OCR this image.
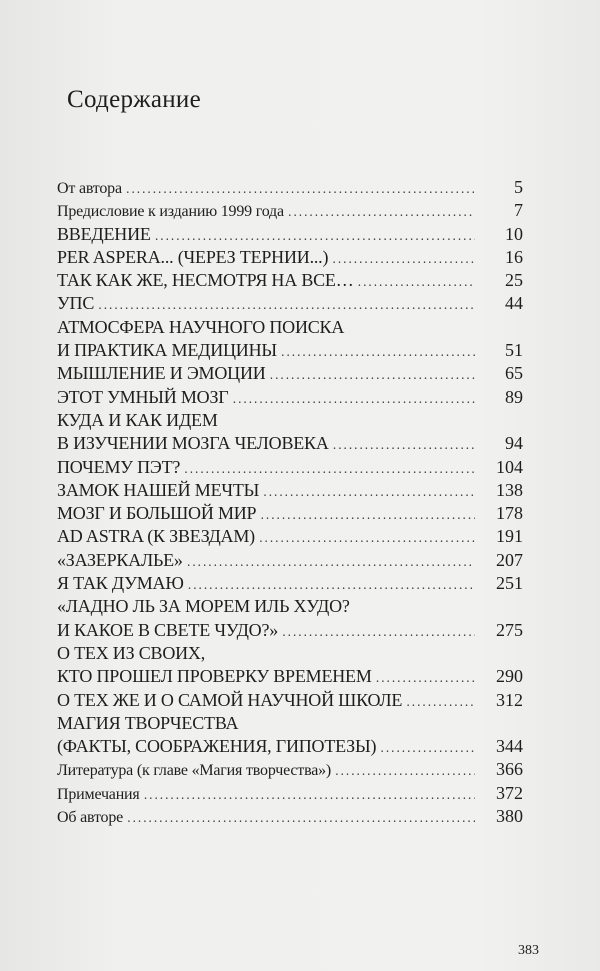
Содержание
От автора .....	5
Предисловие к изданию 1999 года .....	7
ВВЕДЕНИЕ .....	10
PER ASPERA... (ЧЕРЕЗ ТЕРНИИ...) .....	16
ТАК КАК ЖЕ, НЕСМОТРЯ НА ВСЕ… .....	25
УПС .....	44
АТМОСФЕРА НАУЧНОГО ПОИСКА
И ПРАКТИКА МЕДИЦИНЫ .....	51
МЫШЛЕНИЕ И ЭМОЦИИ .....	65
ЭТОТ УМНЫЙ МОЗГ .....	89
КУДА И КАК ИДЕМ
В ИЗУЧЕНИИ МОЗГА ЧЕЛОВЕКА .....	94
ПОЧЕМУ ПЭТ? .....	104
ЗАМОК НАШЕЙ МЕЧТЫ .....	138
МОЗГ И БОЛЬШОЙ МИР .....	178
AD ASTRA (К ЗВЕЗДАМ) .....	191
«ЗАЗЕРКАЛЬЕ» .....	207
Я ТАК ДУМАЮ .....	251
«ЛАДНО ЛЬ ЗА МОРЕМ ИЛЬ ХУДО?
И КАКОЕ В СВЕТЕ ЧУДО?» .....	275
О ТЕХ ИЗ СВОИХ,
КТО ПРОШЕЛ ПРОВЕРКУ ВРЕМЕНЕМ .....	290
О ТЕХ ЖЕ И О САМОЙ НАУЧНОЙ ШКОЛЕ .....	312
МАГИЯ ТВОРЧЕСТВА
(ФАКТЫ, СООБРАЖЕНИЯ, ГИПОТЕЗЫ) .....	344
Литература (к главе «Магия творчества») .....	366
Примечания .....	372
Об авторе .....	380
383
